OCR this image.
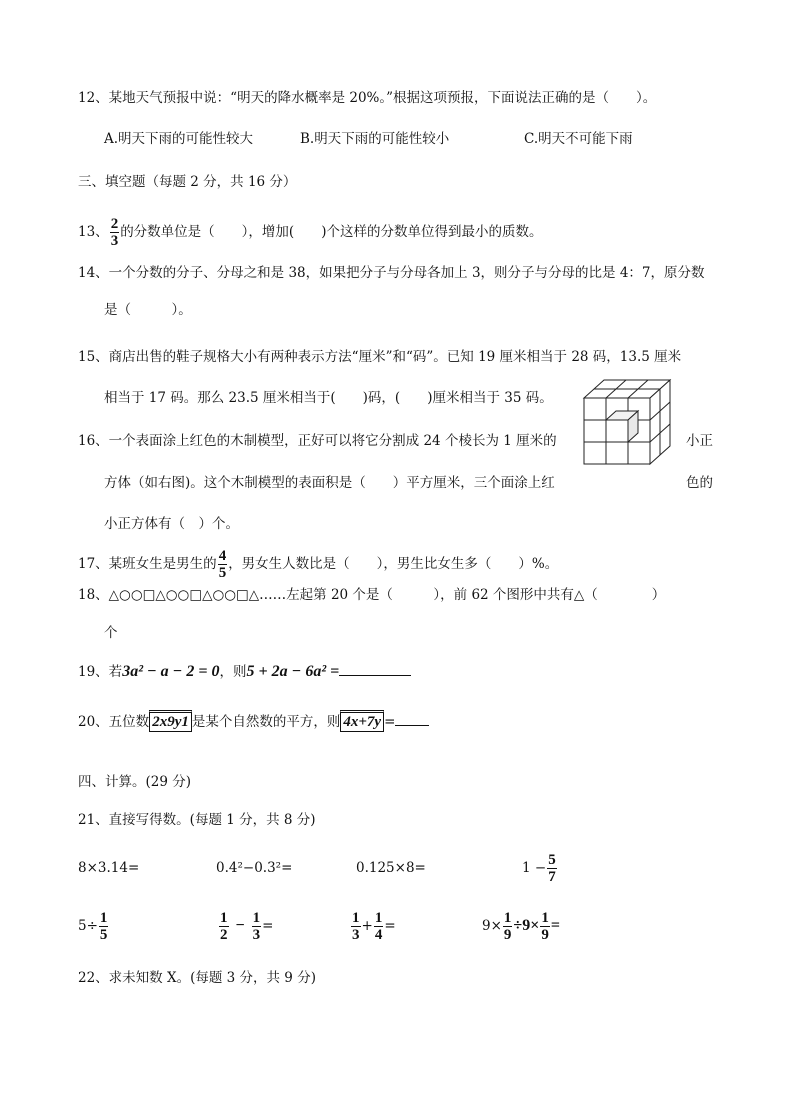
12、某地天气预报中说：“明天的降水概率是 20%。”根据这项预报，下面说法正确的是（　　）。
A.明天下雨的可能性较大	B.明天下雨的可能性较小	C.明天不可能下雨
三、填空题（每题 2 分，共 16 分）
13、 $\frac{2}{3}$ 的分数单位是（　　），增加(　　)个这样的分数单位得到最小的质数。
14、一个分数的分子、分母之和是 38，如果把分子与分母各加上 3，则分子与分母的比是 4：7，原分数
是（　　　）。
15、商店出售的鞋子规格大小有两种表示方法“厘米”和“码”。已知 19 厘米相当于 28 码，13.5 厘米
相当于 17 码。那么 23.5 厘米相当于(　　)码，(　　)厘米相当于 35 码。
16、一个表面涂上红色的木制模型，正好可以将它分割成 24 个棱长为 1 厘米的	小正
方体（如右图)。这个木制模型的表面积是（　　）平方厘米，三个面涂上红	色的
小正方体有（　）个。
17、某班女生是男生的 $\frac{4}{5}$ ，男女生人数比是（　　），男生比女生多（　　）%。
18、△○○□△○○□△○○□△……左起第 20 个是（　　　），前 62 个图形中共有△（　　　　）
个
19、若3a² − a − 2 = 0，则5 + 2a − 6a² =
20、五位数 2x9y1 是某个自然数的平方，则 4x+7y =
四、计算。(29 分)
21、直接写得数。(每题 1 分，共 8 分)
8×3.14=	0.4²−0.3²=	0.125×8=	$1 - \frac{5}{7}$
$5\div \frac{1}{5}$	$\frac{1}{2} - \frac{1}{3}$ =	$\frac{1}{3} + \frac{1}{4}$ =	$9\times \frac{1}{9} \div 9\times \frac{1}{9}$ =
22、求未知数 X。(每题 3 分，共 9 分)
